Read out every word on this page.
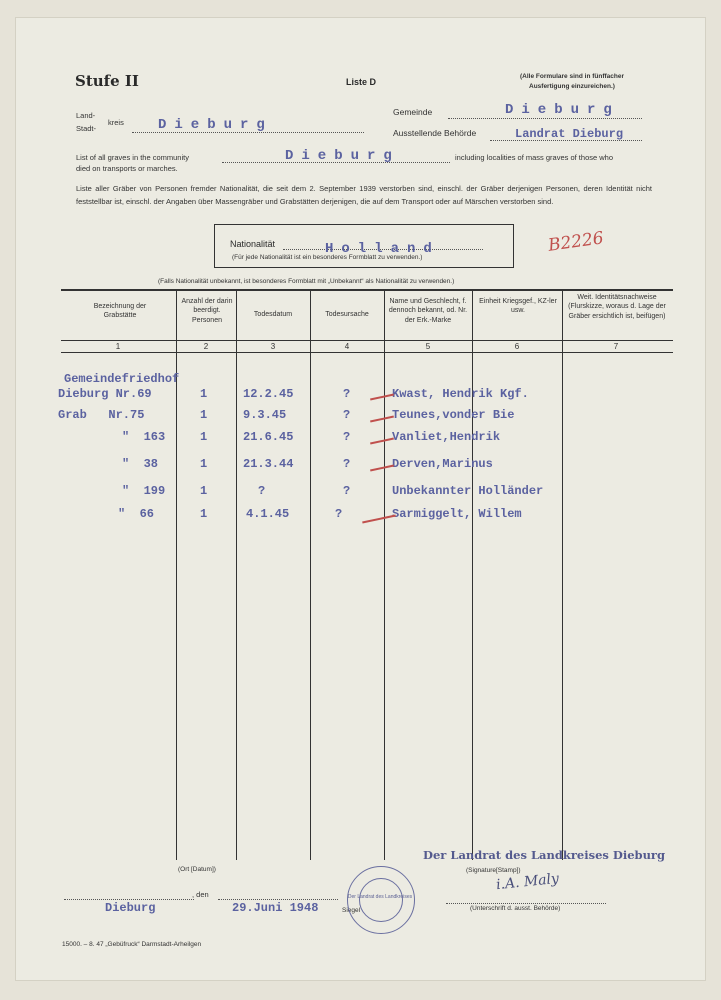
Stufe II	Liste D
(Alle Formulare sind in fünffacher
Ausfertigung einzureichen.)
Land-
kreis
Stadt-	Dieburg
Gemeinde	Dieburg
Ausstellende Behörde	Landrat Dieburg
List of all graves in the community	Dieburg	including localities of mass graves of those who
died on transports or marches.
Liste aller Gräber von Personen fremder Nationalität, die seit dem 2. September 1939 verstorben sind, einschl. der Gräber derjenigen Personen, deren Identität nicht feststellbar ist, einschl. der Angaben über Massengräber und Grabstätten derjenigen, die auf dem Transport oder auf Märschen verstorben sind.
Nationalität	Holland
(Für jede Nationalität ist ein besonderes Formblatt zu verwenden.)
B2226
(Falls Nationalität unbekannt, ist besonderes Formblatt mit „Unbekannt“ als Nationalität zu verwenden.)
Bezeichnung der Grabstätte
Anzahl der darin beerdigt. Personen
Todesdatum	Todesursache
Name und Geschlecht, f. dennoch bekannt, od. Nr. der Erk.-Marke
Einheit Kriegsgef., KZ-ler usw.
Weit. Identitätsnachweise (Flurskizze, woraus d. Lage der Gräber ersichtlich ist, beifügen)
1	2	3	4	5	6	7
Gemeindefriedhof
Dieburg Nr.69	1	12.2.45	?	Kwast, Hendrik Kgf.
Grab   Nr.75	1	9.3.45	?	Teunes,vonder Bie
"  163	1	21.6.45	?	Vanliet,Hendrik
"  38	1	21.3.44	?	Derven,Marinus
"  199	1	?	?	Unbekannter Holländer
"  66	1	4.1.45	?	Sarmiggelt, Willem
(Ort [Datum])
Der Landrat des Landkreises Dieburg
(Signature[Stamp])
i.A. Maly
, den
Dieburg	29.Juni 1948	Siegel
Der Landrat des Landkreises
(Unterschrift d. ausst. Behörde)
15000. – 8. 47 „Gebüfruck“ Darmstadt-Arheilgen
